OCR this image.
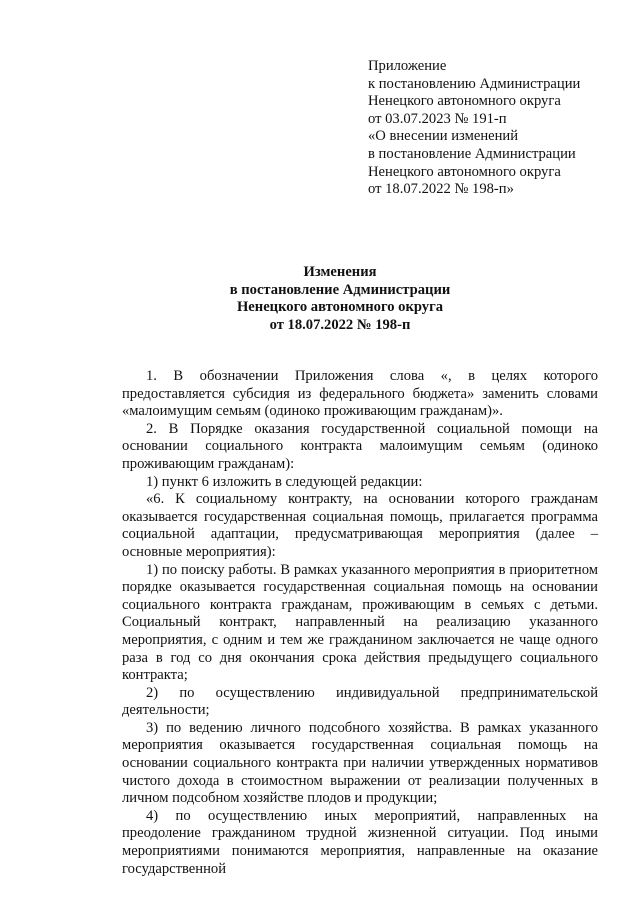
Приложение
к постановлению Администрации
Ненецкого автономного округа
от 03.07.2023 № 191-п
«О внесении изменений
в постановление Администрации
Ненецкого автономного округа
от 18.07.2022 № 198-п»
Изменения
в постановление Администрации
Ненецкого автономного округа
от 18.07.2022 № 198-п

1. В обозначении Приложения слова «, в целях которого предоставляется субсидия из федерального бюджета» заменить словами «малоимущим семьям (одиноко проживающим гражданам)».

2. В Порядке оказания государственной социальной помощи на основании социального контракта малоимущим семьям (одиноко проживающим гражданам):

1) пункт 6 изложить в следующей редакции:

«6. К социальному контракту, на основании которого гражданам оказывается государственная социальная помощь, прилагается программа социальной адаптации, предусматривающая мероприятия (далее – основные мероприятия):

1) по поиску работы. В рамках указанного мероприятия в приоритетном порядке оказывается государственная социальная помощь на основании социального контракта гражданам, проживающим в семьях с детьми. Социальный контракт, направленный на реализацию указанного мероприятия, с одним и тем же гражданином заключается не чаще одного раза в год со дня окончания срока действия предыдущего социального контракта;

2) по осуществлению индивидуальной предпринимательской деятельности;

3) по ведению личного подсобного хозяйства. В рамках указанного мероприятия оказывается государственная социальная помощь на основании социального контракта при наличии утвержденных нормативов чистого дохода в стоимостном выражении от реализации полученных в личном подсобном хозяйстве плодов и продукции;

4) по осуществлению иных мероприятий, направленных на преодоление гражданином трудной жизненной ситуации. Под иными мероприятиями понимаются мероприятия, направленные на оказание государственной
